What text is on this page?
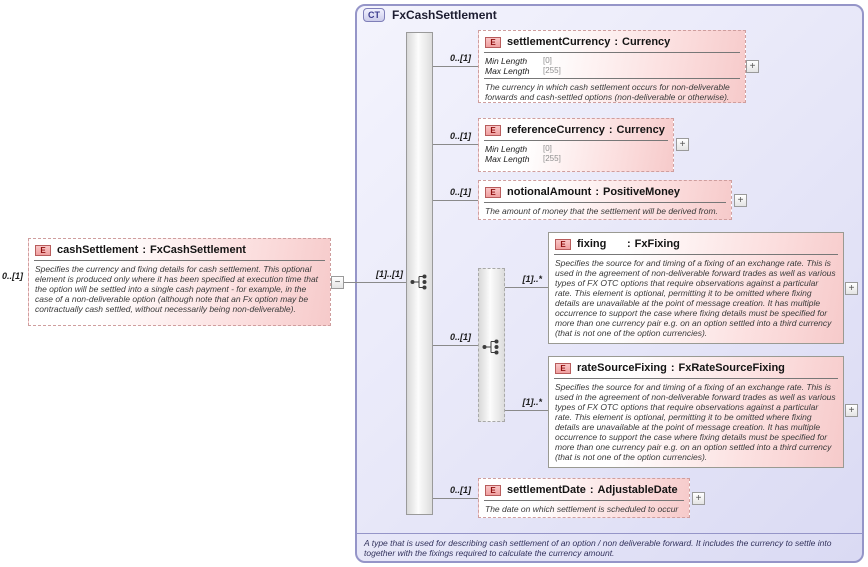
CT	FxCashSettlement
A type that is used for describing cash settlement of an option / non deliverable forward. It includes the currency to settle into together with the fixings required to calculate the currency amount.
0..[1]
E	cashSettlement : FxCashSettlement
Specifies the currency and fixing details for cash settlement. This optional element is produced only where it has been specified at execution time that the option will be settled into a single cash payment - for example, in the case of a non-deliverable option (although note that an Fx option may be contractually cash settled, without necessarily being non-deliverable).
−
[1]..[1]
0..[1]
0..[1]
0..[1]
0..[1]
0..[1]
E	settlementCurrency : Currency
Min Length	[0]
Max Length	[255]
The currency in which cash settlement occurs for non-deliverable forwards and cash-settled options (non-deliverable or otherwise).
+
E	referenceCurrency : Currency
Min Length	[0]
Max Length	[255]
+
E	notionalAmount : PositiveMoney
The amount of money that the settlement will be derived from.
+
[1]..*
[1]..*
E	fixing	: FxFixing
Specifies the source for and timing of a fixing of an exchange rate. This is used in the agreement of non-deliverable forward trades as well as various types of FX OTC options that require observations against a particular rate. This element is optional, permitting it to be omitted where fixing details are unavailable at the point of message creation. It has multiple occurrence to support the case where fixing details must be specified for more than one currency pair e.g. on an option settled into a third currency (that is not one of the option currencies).
+
E	rateSourceFixing : FxRateSourceFixing
Specifies the source for and timing of a fixing of an exchange rate. This is used in the agreement of non-deliverable forward trades as well as various types of FX OTC options that require observations against a particular rate. This element is optional, permitting it to be omitted where fixing details are unavailable at the point of message creation. It has multiple occurrence to support the case where fixing details must be specified for more than one currency pair e.g. on an option settled into a third currency (that is not one of the option currencies).
+
E	settlementDate : AdjustableDate
The date on which settlement is scheduled to occur
+
